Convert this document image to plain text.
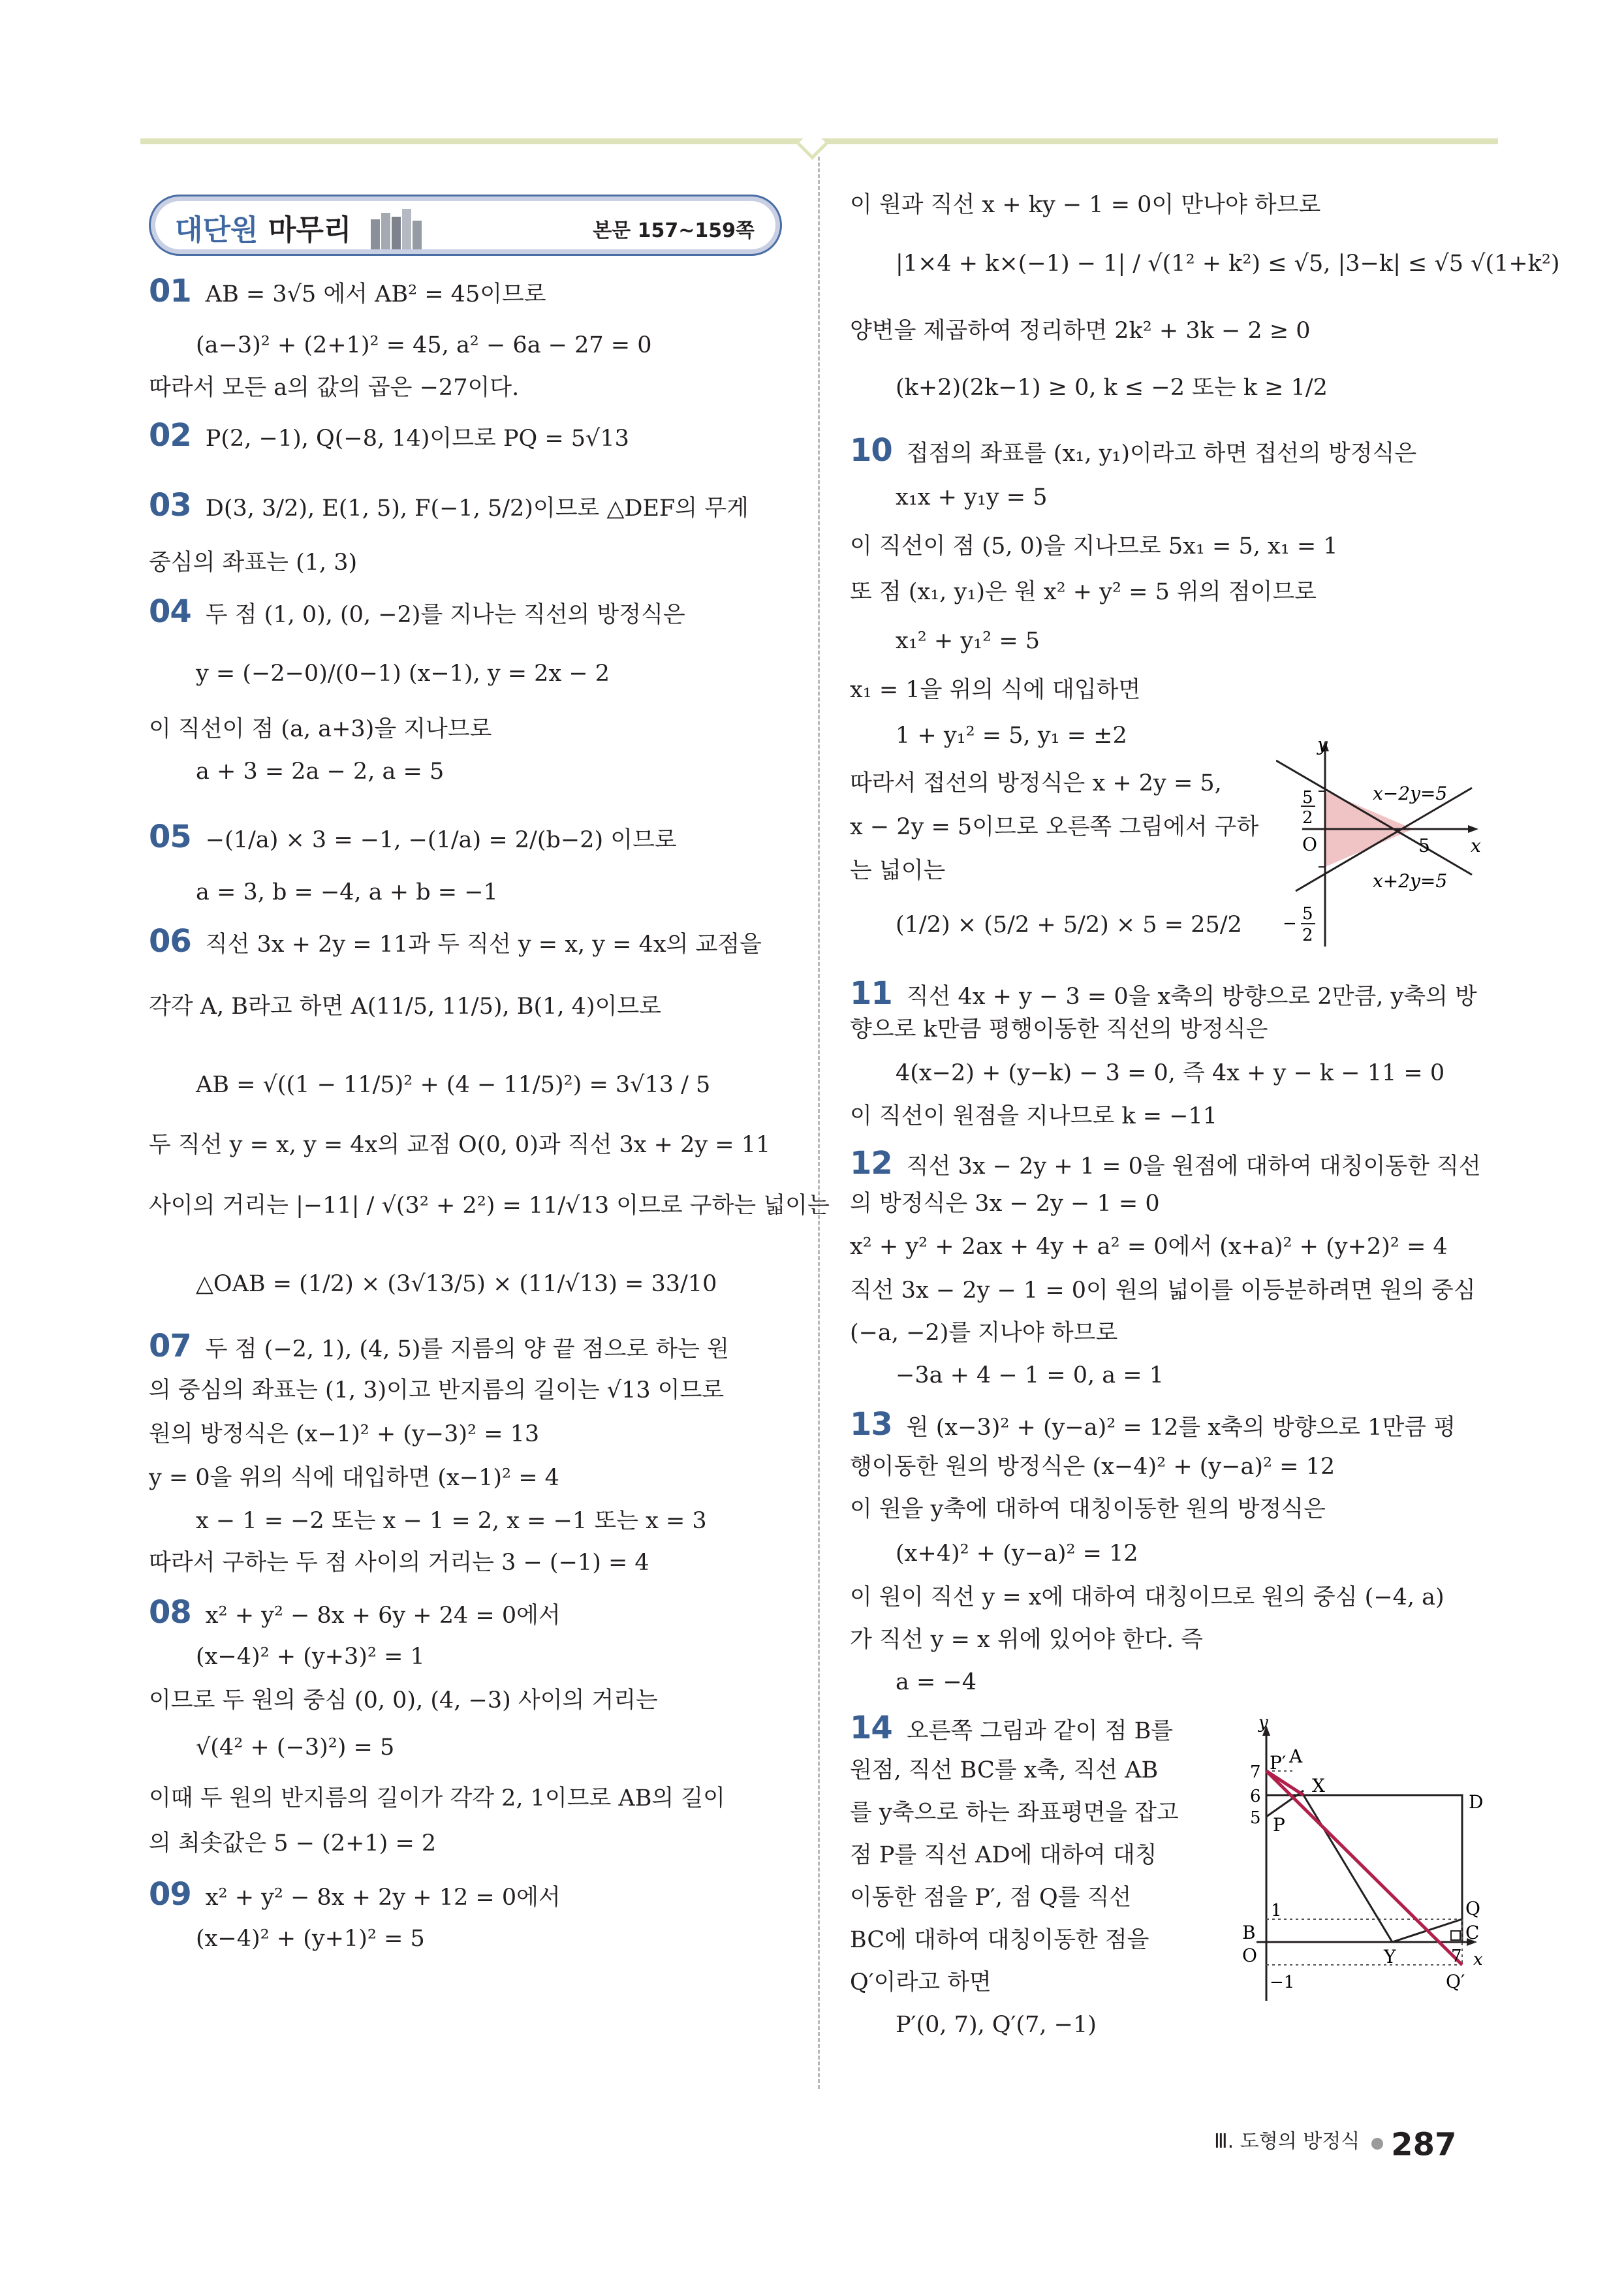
대단원 마무리	본문 157~159쪽
01 AB = 3√5 에서 AB² = 45이므로
(a−3)² + (2+1)² = 45, a² − 6a − 27 = 0
따라서 모든 a의 값의 곱은 −27이다.
02 P(2, −1), Q(−8, 14)이므로 PQ = 5√13
03 D(3, 3/2), E(1, 5), F(−1, 5/2)이므로 △DEF의 무게
중심의 좌표는 (1, 3)
04 두 점 (1, 0), (0, −2)를 지나는 직선의 방정식은
y = (−2−0)/(0−1) (x−1), y = 2x − 2
이 직선이 점 (a, a+3)을 지나므로
a + 3 = 2a − 2, a = 5
05 −(1/a) × 3 = −1, −(1/a) = 2/(b−2) 이므로
a = 3, b = −4, a + b = −1
06 직선 3x + 2y = 11과 두 직선 y = x, y = 4x의 교점을
각각 A, B라고 하면 A(11/5, 11/5), B(1, 4)이므로
AB = √((1 − 11/5)² + (4 − 11/5)²) = 3√13 / 5
두 직선 y = x, y = 4x의 교점 O(0, 0)과 직선 3x + 2y = 11
사이의 거리는 |−11| / √(3² + 2²) = 11/√13 이므로 구하는 넓이는
△OAB = (1/2) × (3√13/5) × (11/√13) = 33/10
07 두 점 (−2, 1), (4, 5)를 지름의 양 끝 점으로 하는 원
의 중심의 좌표는 (1, 3)이고 반지름의 길이는 √13 이므로
원의 방정식은 (x−1)² + (y−3)² = 13
y = 0을 위의 식에 대입하면 (x−1)² = 4
x − 1 = −2 또는 x − 1 = 2, x = −1 또는 x = 3
따라서 구하는 두 점 사이의 거리는 3 − (−1) = 4
08 x² + y² − 8x + 6y + 24 = 0에서
(x−4)² + (y+3)² = 1
이므로 두 원의 중심 (0, 0), (4, −3) 사이의 거리는
√(4² + (−3)²) = 5
이때 두 원의 반지름의 길이가 각각 2, 1이므로 AB의 길이
의 최솟값은 5 − (2+1) = 2
09 x² + y² − 8x + 2y + 12 = 0에서
(x−4)² + (y+1)² = 5
이 원과 직선 x + ky − 1 = 0이 만나야 하므로
|1×4 + k×(−1) − 1| / √(1² + k²) ≤ √5, |3−k| ≤ √5 √(1+k²)
양변을 제곱하여 정리하면 2k² + 3k − 2 ≥ 0
(k+2)(2k−1) ≥ 0, k ≤ −2 또는 k ≥ 1/2
10 접점의 좌표를 (x₁, y₁)이라고 하면 접선의 방정식은
x₁x + y₁y = 5
이 직선이 점 (5, 0)을 지나므로 5x₁ = 5, x₁ = 1
또 점 (x₁, y₁)은 원 x² + y² = 5 위의 점이므로
x₁² + y₁² = 5
x₁ = 1을 위의 식에 대입하면
1 + y₁² = 5, y₁ = ±2
따라서 접선의 방정식은 x + 2y = 5,
x − 2y = 5이므로 오른쪽 그림에서 구하
는 넓이는
(1/2) × (5/2 + 5/2) × 5 = 25/2
y
x
O	5
5
2
− 5
2
x−2y=5
x+2y=5
11 직선 4x + y − 3 = 0을 x축의 방향으로 2만큼, y축의 방
향으로 k만큼 평행이동한 직선의 방정식은
4(x−2) + (y−k) − 3 = 0, 즉 4x + y − k − 11 = 0
이 직선이 원점을 지나므로 k = −11
12 직선 3x − 2y + 1 = 0을 원점에 대하여 대칭이동한 직선
의 방정식은 3x − 2y − 1 = 0
x² + y² + 2ax + 4y + a² = 0에서 (x+a)² + (y+2)² = 4
직선 3x − 2y − 1 = 0이 원의 넓이를 이등분하려면 원의 중심
(−a, −2)를 지나야 하므로
−3a + 4 − 1 = 0, a = 1
13 원 (x−3)² + (y−a)² = 12를 x축의 방향으로 1만큼 평
행이동한 원의 방정식은 (x−4)² + (y−a)² = 12
이 원을 y축에 대하여 대칭이동한 원의 방정식은
(x+4)² + (y−a)² = 12
이 원이 직선 y = x에 대하여 대칭이므로 원의 중심 (−4, a)
가 직선 y = x 위에 있어야 한다. 즉
a = −4
14 오른쪽 그림과 같이 점 B를
원점, 직선 BC를 x축, 직선 AB
를 y축으로 하는 좌표평면을 잡고
점 P를 직선 AD에 대하여 대칭
이동한 점을 P′, 점 Q를 직선
BC에 대하여 대칭이동한 점을
Q′이라고 하면
P′(0, 7), Q′(7, −1)
y
x
7
6
5
1
−1
7
P′ A
X
D
P
Q
B	C
O	Y
Q′
Ⅲ. 도형의 방정식 287
